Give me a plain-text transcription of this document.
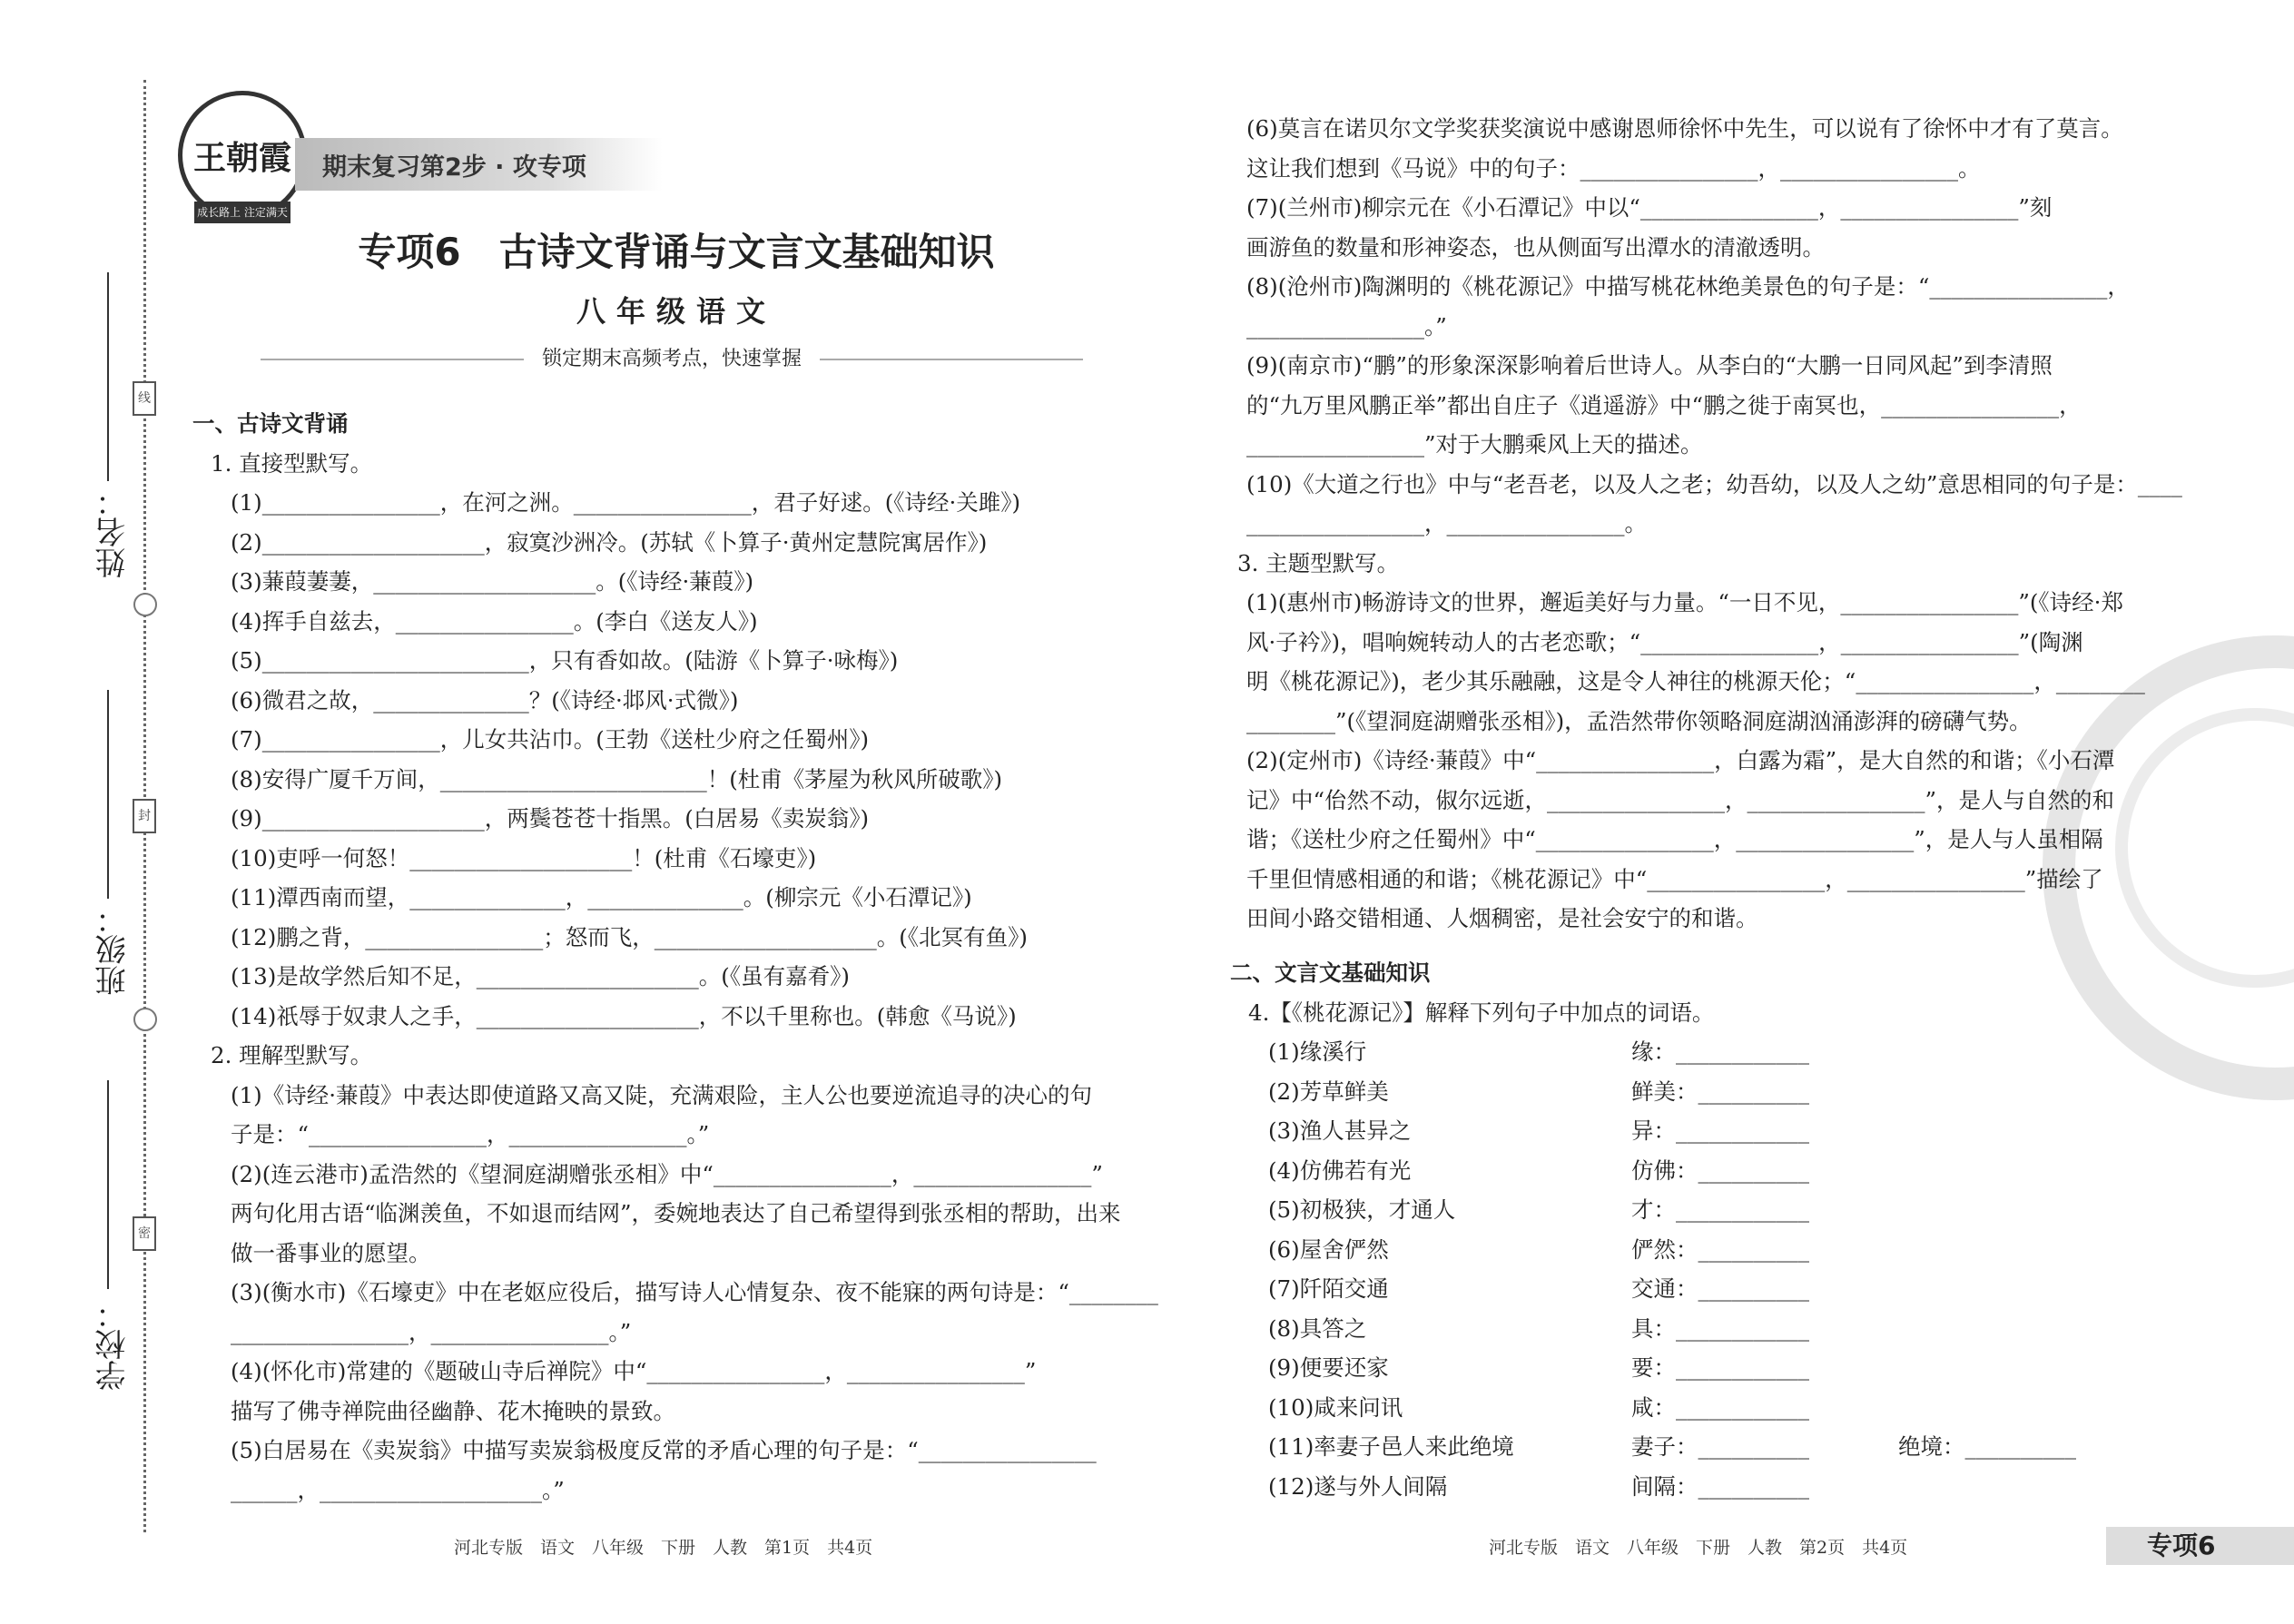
姓名：
班级：
学校：
线
封
密
王朝霞
成长路上 注定满天
期末复习第2步 · 攻专项
专项6　古诗文背诵与文言文基础知识
八年级语文
锁定期末高频考点，快速掌握
一、古诗文背诵
1. 直接型默写。
(1)________________，在河之洲。________________，君子好逑。(《诗经·关雎》)
(2)____________________，寂寞沙洲冷。(苏轼《卜算子·黄州定慧院寓居作》)
(3)蒹葭萋萋，____________________。(《诗经·蒹葭》)
(4)挥手自兹去，________________。(李白《送友人》)
(5)________________________，只有香如故。(陆游《卜算子·咏梅》)
(6)微君之故，______________？(《诗经·邶风·式微》)
(7)________________，儿女共沾巾。(王勃《送杜少府之任蜀州》)
(8)安得广厦千万间，________________________！(杜甫《茅屋为秋风所破歌》)
(9)____________________，两鬓苍苍十指黑。(白居易《卖炭翁》)
(10)吏呼一何怒！____________________！(杜甫《石壕吏》)
(11)潭西南而望，______________，______________。(柳宗元《小石潭记》)
(12)鹏之背，________________；怒而飞，____________________。(《北冥有鱼》)
(13)是故学然后知不足，____________________。(《虽有嘉肴》)
(14)祇辱于奴隶人之手，____________________，不以千里称也。(韩愈《马说》)
2. 理解型默写。
(1)《诗经·蒹葭》中表达即使道路又高又陡，充满艰险，主人公也要逆流追寻的决心的句
子是：“________________，________________。”
(2)(连云港市)孟浩然的《望洞庭湖赠张丞相》中“________________，________________”
两句化用古语“临渊羡鱼，不如退而结网”，委婉地表达了自己希望得到张丞相的帮助，出来
做一番事业的愿望。
(3)(衡水市)《石壕吏》中在老妪应役后，描写诗人心情复杂、夜不能寐的两句诗是：“________
________________，________________。”
(4)(怀化市)常建的《题破山寺后禅院》中“________________，________________”
描写了佛寺禅院曲径幽静、花木掩映的景致。
(5)白居易在《卖炭翁》中描写卖炭翁极度反常的矛盾心理的句子是：“________________
______，____________________。”
(6)莫言在诺贝尔文学奖获奖演说中感谢恩师徐怀中先生，可以说有了徐怀中才有了莫言。
这让我们想到《马说》中的句子：________________，________________。
(7)(兰州市)柳宗元在《小石潭记》中以“________________，________________”刻
画游鱼的数量和形神姿态，也从侧面写出潭水的清澈透明。
(8)(沧州市)陶渊明的《桃花源记》中描写桃花林绝美景色的句子是：“________________，
________________。”
(9)(南京市)“鹏”的形象深深影响着后世诗人。从李白的“大鹏一日同风起”到李清照
的“九万里风鹏正举”都出自庄子《逍遥游》中“鹏之徙于南冥也，________________，
________________”对于大鹏乘风上天的描述。
(10)《大道之行也》中与“老吾老，以及人之老；幼吾幼，以及人之幼”意思相同的句子是：____
________________，________________。
3. 主题型默写。
(1)(惠州市)畅游诗文的世界，邂逅美好与力量。“一日不见，________________”(《诗经·郑
风·子衿》)，唱响婉转动人的古老恋歌；“________________，________________”(陶渊
明《桃花源记》)，老少其乐融融，这是令人神往的桃源天伦；“________________，________
________”(《望洞庭湖赠张丞相》)，孟浩然带你领略洞庭湖汹涌澎湃的磅礴气势。
(2)(定州市)《诗经·蒹葭》中“________________，白露为霜”，是大自然的和谐；《小石潭
记》中“佁然不动，俶尔远逝，________________，________________”，是人与自然的和
谐；《送杜少府之任蜀州》中“________________，________________”，是人与人虽相隔
千里但情感相通的和谐；《桃花源记》中“________________，________________”描绘了
田间小路交错相通、人烟稠密，是社会安宁的和谐。
二、文言文基础知识
4.【《桃花源记》】解释下列句子中加点的词语。
(1)缘溪行	缘：____________
(2)芳草鲜美	鲜美：__________
(3)渔人甚异之	异：____________
(4)仿佛若有光	仿佛：__________
(5)初极狭，才通人	才：____________
(6)屋舍俨然	俨然：__________
(7)阡陌交通	交通：__________
(8)具答之	具：____________
(9)便要还家	要：____________
(10)咸来问讯	咸：____________
(11)率妻子邑人来此绝境	妻子：__________　　　　绝境：__________
(12)遂与外人间隔	间隔：__________
河北专版　语文　八年级　下册　人教　第1页　共4页	河北专版　语文　八年级　下册　人教　第2页　共4页	专项6
